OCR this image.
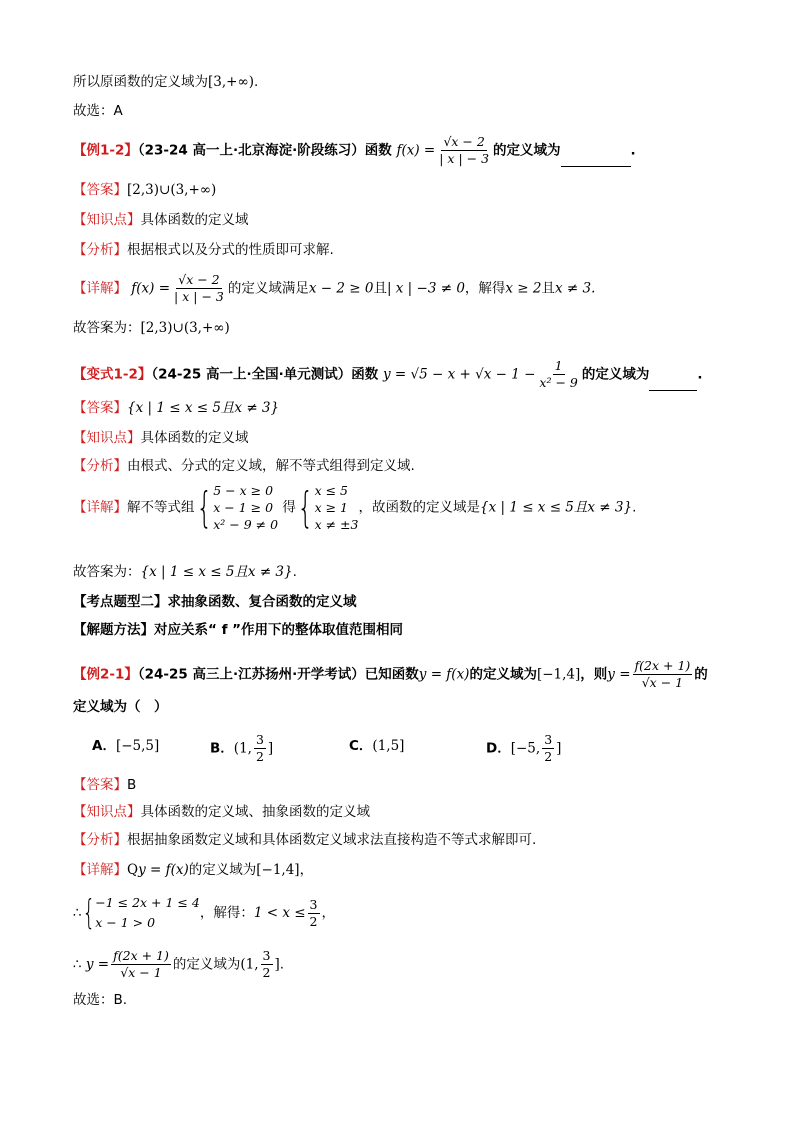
所以原函数的定义域为[3,+∞).
故选：A
【例1-2】（23-24 高一上·北京海淀·阶段练习）函数 $f(x) = \frac{√x - 2}{| x | - 3}$ 的定义域为	.
【答案】[2,3)∪(3,+∞)
【知识点】具体函数的定义域
【分析】根据根式以及分式的性质即可求解.
【详解】 $f(x) = \frac{√x - 2}{| x | - 3}$ 的定义域满足x − 2 ≥ 0且| x | −3 ≠ 0，解得x ≥ 2且x ≠ 3.
故答案为：[2,3)∪(3,+∞)
【变式1-2】（24-25 高一上·全国·单元测试）函数 $y = √5 - x + √x - 1 - \frac{1}{\text{x² − 9}}$ 的定义域为	.
【答案】{x | 1 ≤ x ≤ 5且x ≠ 3}
【知识点】具体函数的定义域
【分析】由根式、分式的定义域，解不等式组得到定义域.
【详解】解不等式组{ 5 − x ≥ 0
x − 1 ≥ 0
x² − 9 ≠ 0
得{ x ≤ 5
x ≥ 1
x ≠ ±3
，故函数的定义域是{x | 1 ≤ x ≤ 5且x ≠ 3}.
故答案为：{x | 1 ≤ x ≤ 5且x ≠ 3}.
【考点题型二】求抽象函数、复合函数的定义域
【解题方法】对应关系“ f ”作用下的整体取值范围相同
【例2-1】（24-25 高三上·江苏扬州·开学考试）已知函数y = f(x)的定义域为[−1,4]，则$y = \frac{f(2x + 1)}{√x - 1}$ 的
定义域为（　）
A．[−5,5]	B．(1, $\frac{3}{2}$ ]	C．(1,5]	D．[−5, $\frac{3}{2}$ ]
【答案】B
【知识点】具体函数的定义域、抽象函数的定义域
【分析】根据抽象函数定义域和具体函数定义域求法直接构造不等式求解即可.
【详解】Qy = f(x)的定义域为[−1,4]，
∴{ −1 ≤ 2x + 1 ≤ 4
x − 1 > 0
，解得：$1 < x \le \frac{3}{2}$ ，
∴ $y = \frac{f(2x + 1)}{√x - 1}$ 的定义域为(1, $\frac{3}{2}$ ].
故选：B.
